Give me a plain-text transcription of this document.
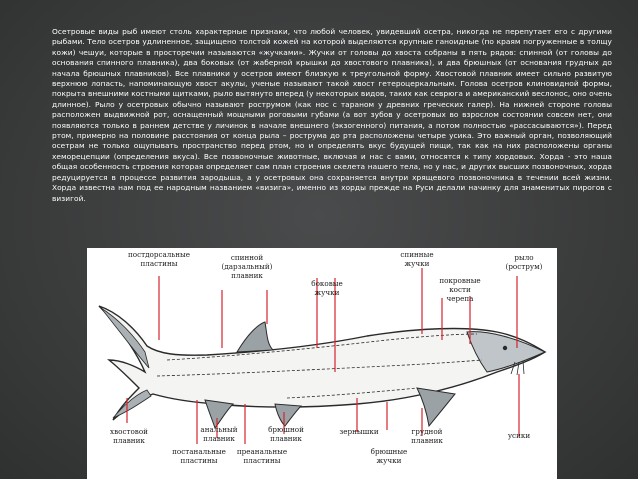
Осетровые виды рыб имеют столь характерные признаки, что любой человек, увидевший осетра, никогда не перепутает его с другими рыбами. Тело осетров удлиненное, защищено толстой кожей на которой выделяются крупные ганоидные (по краям погруженные в толщу кожи) чешуи, которые в просторечии называются «жучками». Жучки от головы до хвоста собраны в пять рядов: спинной (от головы до основания спинного плавника), два боковых (от жаберной крышки до хвостового плавника), и два брюшных (от основания грудных до начала брюшных плавников). Все плавники у осетров имеют близкую к треугольной форму. Хвостовой плавник имеет сильно развитую верхнюю лопасть, напоминающую хвост акулы, ученые называют такой хвост гетероцеркальным. Голова осетров клиновидной формы, покрыта внешними костными щитками, рыло вытянуто вперед (у некоторых видов, таких как севрюга и американский веслонос, оно очень длинное). Рыло у осетровых обычно называют рострумом (как нос с тараном у древних греческих галер). На нижней стороне головы расположен выдвижной рот, оснащенный мощными роговыми губами (а вот зубов у осетровых во взрослом состоянии совсем нет, они появляются только в раннем детстве у личинок в начале внешнего (экзогенного) питания, а потом полностью «рассасываются»). Перед ртом, примерно на половине расстояния от конца рыла – рострума до рта расположены четыре усика. Это важный орган, позволяющий осетрам не только ощупывать пространство перед ртом, но и определять вкус будущей пищи, так как на них расположены органы хеморецепции (определения вкуса). Все позвоночные животные, включая и нас с вами, относятся к типу хордовых. Хорда - это наша общая особенность строения которая определяет сам план строения скелета нашего тела, но у нас, и других высших позвоночных, хорда редуцируется в процессе развития зародыша, а у осетровых она сохраняется внутри хрящевого позвоночника в течении всей жизни. Хорда известна нам под ее народным названием «визига», именно из хорды прежде на Руси делали начинку для знаменитых пирогов с визигой.
постдорсальные
пластины
спинной
(дарзальный)
плавник
боковые
жучки
спинные
жучки
покровные
кости
черепа
рыло
(рострум)
хвостовой
плавник
анальный
плавник
брюшной
плавник
зернышки	грудной
плавник
усики
постанальные
пластины
преанальные
пластины
брюшные
жучки
